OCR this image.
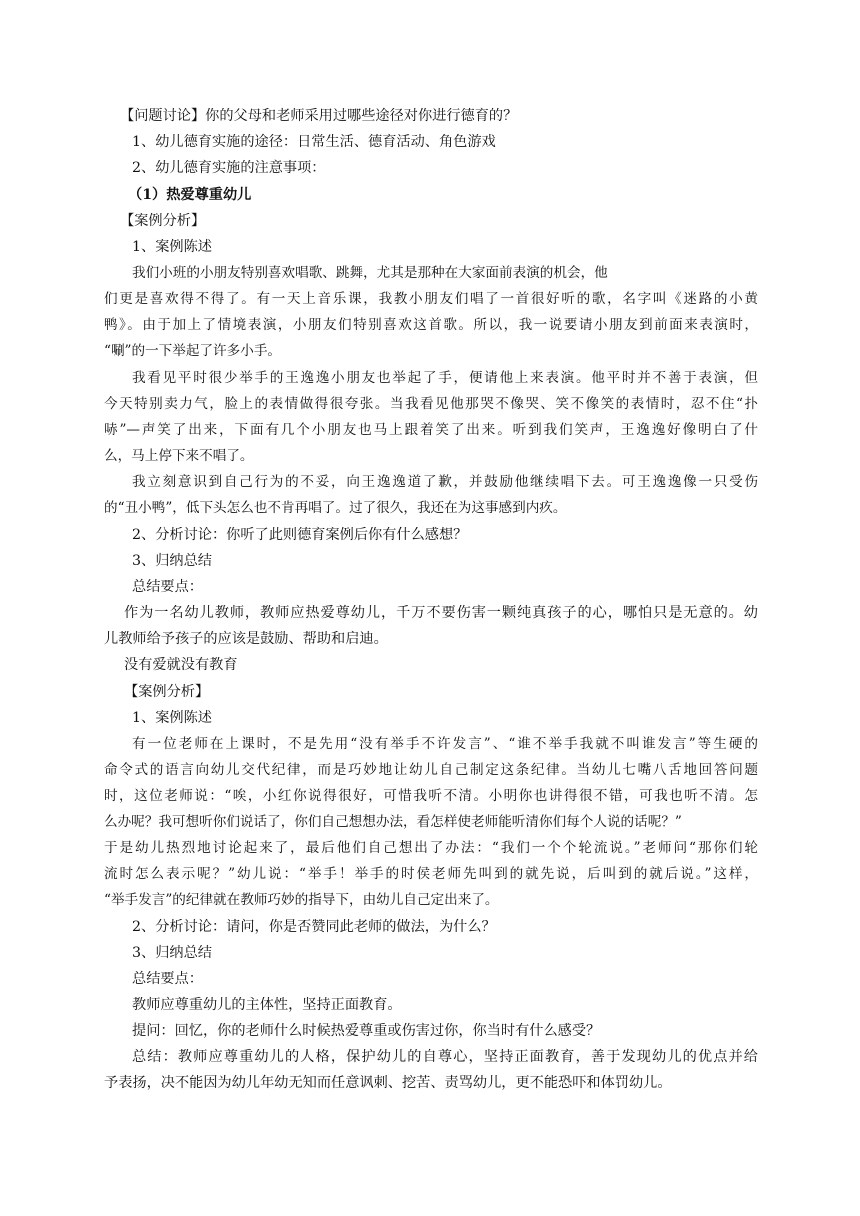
【问题讨论】你的父母和老师采用过哪些途径对你进行德育的？
1、幼儿德育实施的途径：日常生活、德育活动、角色游戏
2、幼儿德育实施的注意事项：
（1）热爱尊重幼儿
【案例分析】
1、案例陈述
我们小班的小朋友特别喜欢唱歌、跳舞，尤其是那种在大家面前表演的机会，他
们更是喜欢得不得了。有一天上音乐课，我教小朋友们唱了一首很好听的歌，名字叫《迷路的小黄
鸭》。由于加上了情境表演，小朋友们特别喜欢这首歌。所以，我一说要请小朋友到前面来表演时，
“唰”的一下举起了许多小手。
我看见平时很少举手的王逸逸小朋友也举起了手，便请他上来表演。他平时并不善于表演，但
今天特别卖力气，脸上的表情做得很夸张。当我看见他那哭不像哭、笑不像笑的表情时，忍不住“扑
哧”—声笑了出来，下面有几个小朋友也马上跟着笑了出来。听到我们笑声，王逸逸好像明白了什
么，马上停下来不唱了。
我立刻意识到自己行为的不妥，向王逸逸道了歉，并鼓励他继续唱下去。可王逸逸像一只受伤
的“丑小鸭”，低下头怎么也不肯再唱了。过了很久，我还在为这事感到内疚。
2、分析讨论：你听了此则德育案例后你有什么感想？
3、归纳总结
总结要点：
作为一名幼儿教师，教师应热爱尊幼儿，千万不要伤害一颗纯真孩子的心，哪怕只是无意的。幼
儿教师给予孩子的应该是鼓励、帮助和启迪。
没有爱就没有教育
【案例分析】
1、案例陈述
有一位老师在上课时，不是先用“没有举手不许发言”、“谁不举手我就不叫谁发言”等生硬的
命令式的语言向幼儿交代纪律，而是巧妙地让幼儿自己制定这条纪律。当幼儿七嘴八舌地回答问题
时，这位老师说：“唉，小红你说得很好，可惜我听不清。小明你也讲得很不错，可我也听不清。怎
么办呢？我可想听你们说话了，你们自己想想办法，看怎样使老师能听清你们每个人说的话呢？”
于是幼儿热烈地讨论起来了，最后他们自己想出了办法：“我们一个个轮流说。”老师问“那你们轮
流时怎么表示呢？”幼儿说：“举手！举手的时侯老师先叫到的就先说，后叫到的就后说。”这样，
“举手发言”的纪律就在教师巧妙的指导下，由幼儿自己定出来了。
2、分析讨论：请问，你是否赞同此老师的做法，为什么？
3、归纳总结
总结要点：
教师应尊重幼儿的主体性，坚持正面教育。
提问：回忆，你的老师什么时候热爱尊重或伤害过你，你当时有什么感受？
总结：教师应尊重幼儿的人格，保护幼儿的自尊心，坚持正面教育，善于发现幼儿的优点并给
予表扬，决不能因为幼儿年幼无知而任意讽刺、挖苦、责骂幼儿，更不能恐吓和体罚幼儿。
